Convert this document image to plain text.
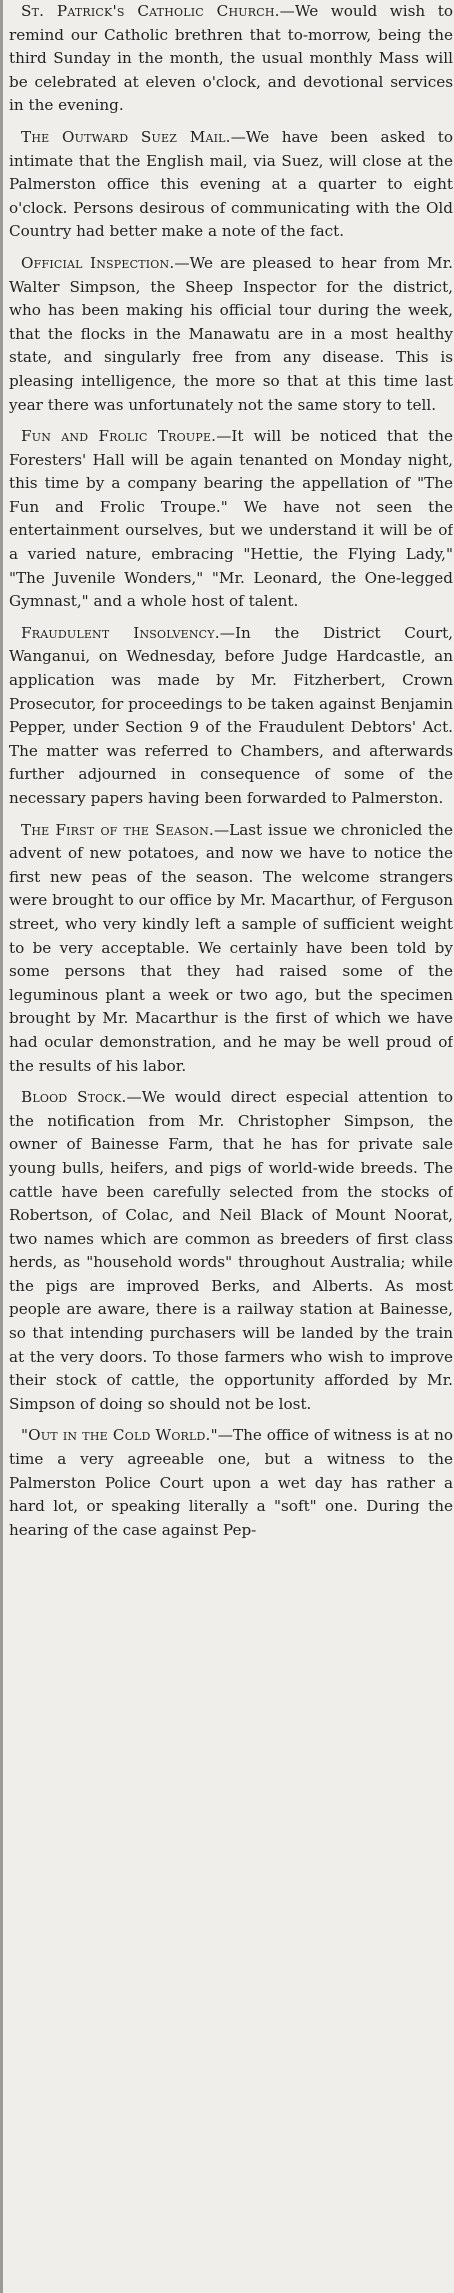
St. Patrick's Catholic Church.—We would wish to remind our Catholic brethren that to-morrow, being the third Sunday in the month, the usual monthly Mass will be celebrated at eleven o'clock, and devotional services in the evening.

The Outward Suez Mail.—We have been asked to intimate that the English mail, via Suez, will close at the Palmerston office this evening at a quarter to eight o'clock. Persons desirous of communicating with the Old Country had better make a note of the fact.

Official Inspection.—We are pleased to hear from Mr. Walter Simpson, the Sheep Inspector for the district, who has been making his official tour during the week, that the flocks in the Manawatu are in a most healthy state, and singularly free from any disease. This is pleasing intelligence, the more so that at this time last year there was unfortunately not the same story to tell.

Fun and Frolic Troupe.—It will be noticed that the Foresters' Hall will be again tenanted on Monday night, this time by a company bearing the appellation of "The Fun and Frolic Troupe." We have not seen the entertainment ourselves, but we understand it will be of a varied nature, embracing "Hettie, the Flying Lady," "The Juvenile Wonders," "Mr. Leonard, the One-legged Gymnast," and a whole host of talent.

Fraudulent Insolvency.—In the District Court, Wanganui, on Wednesday, before Judge Hardcastle, an application was made by Mr. Fitzherbert, Crown Prosecutor, for proceedings to be taken against Benjamin Pepper, under Section 9 of the Fraudulent Debtors' Act. The matter was referred to Chambers, and afterwards further adjourned in consequence of some of the necessary papers having been forwarded to Palmerston.

The First of the Season.—Last issue we chronicled the advent of new potatoes, and now we have to notice the first new peas of the season. The welcome strangers were brought to our office by Mr. Macarthur, of Ferguson street, who very kindly left a sample of sufficient weight to be very acceptable. We certainly have been told by some persons that they had raised some of the leguminous plant a week or two ago, but the specimen brought by Mr. Macarthur is the first of which we have had ocular demonstration, and he may be well proud of the results of his labor.

Blood Stock.—We would direct especial attention to the notification from Mr. Christopher Simpson, the owner of Bainesse Farm, that he has for private sale young bulls, heifers, and pigs of world-wide breeds. The cattle have been carefully selected from the stocks of Robertson, of Colac, and Neil Black of Mount Noorat, two names which are common as breeders of first class herds, as "household words" throughout Australia; while the pigs are improved Berks, and Alberts. As most people are aware, there is a railway station at Bainesse, so that intending purchasers will be landed by the train at the very doors. To those farmers who wish to improve their stock of cattle, the opportunity afforded by Mr. Simpson of doing so should not be lost.

"Out in the Cold World."—The office of witness is at no time a very agreeable one, but a witness to the Palmerston Police Court upon a wet day has rather a hard lot, or speaking literally a "soft" one. During the hearing of the case against Pep-
